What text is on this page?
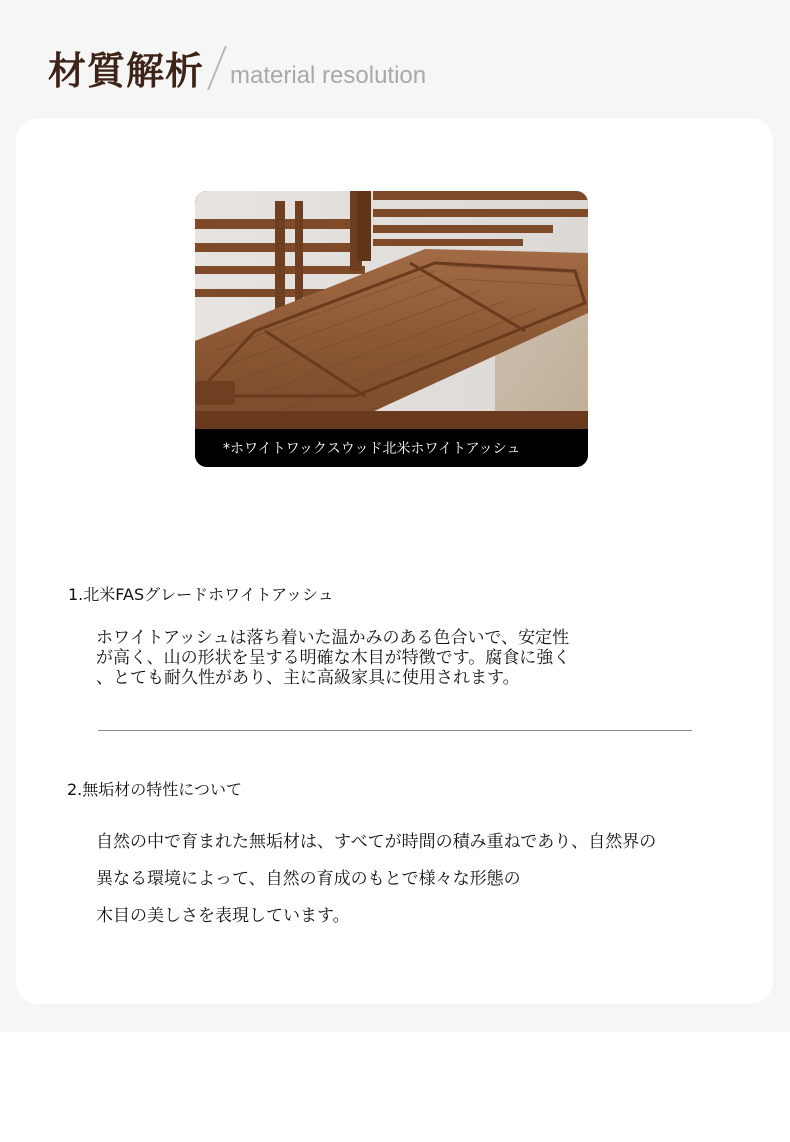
材質解析 material resolution
*ホワイトワックスウッド北米ホワイトアッシュ
1.北米FASグレードホワイトアッシュ
ホワイトアッシュは落ち着いた温かみのある色合いで、安定性
が高く、山の形状を呈する明確な木目が特徴です。腐食に強く
、とても耐久性があり、主に高級家具に使用されます。
2.無垢材の特性について
自然の中で育まれた無垢材は、すべてが時間の積み重ねであり、自然界の
異なる環境によって、自然の育成のもとで様々な形態の
木目の美しさを表現しています。
